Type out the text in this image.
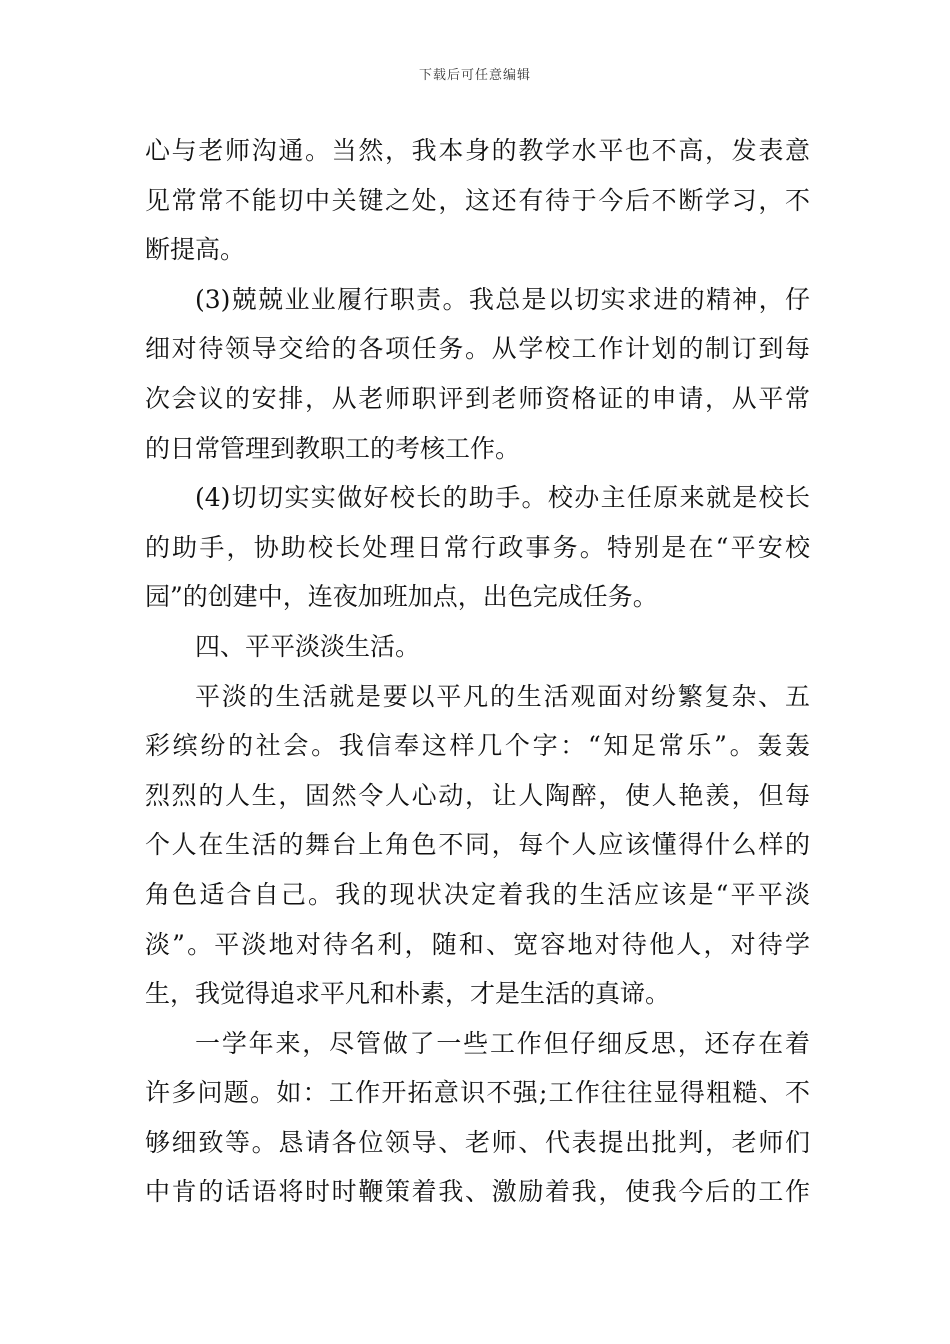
下载后可任意编辑
心与老师沟通。当然，我本身的教学水平也不高，发表意
见常常不能切中关键之处，这还有待于今后不断学习，不
断提高。
(3)兢兢业业履行职责。我总是以切实求进的精神，仔
细对待领导交给的各项任务。从学校工作计划的制订到每
次会议的安排，从老师职评到老师资格证的申请，从平常
的日常管理到教职工的考核工作。
(4)切切实实做好校长的助手。校办主任原来就是校长
的助手，协助校长处理日常行政事务。特别是在“平安校
园”的创建中，连夜加班加点，出色完成任务。
四、平平淡淡生活。
平淡的生活就是要以平凡的生活观面对纷繁复杂、五
彩缤纷的社会。我信奉这样几个字：“知足常乐”。轰轰
烈烈的人生，固然令人心动，让人陶醉，使人艳羡，但每
个人在生活的舞台上角色不同，每个人应该懂得什么样的
角色适合自己。我的现状决定着我的生活应该是“平平淡
淡”。平淡地对待名利，随和、宽容地对待他人，对待学
生，我觉得追求平凡和朴素，才是生活的真谛。
一学年来，尽管做了一些工作但仔细反思，还存在着
许多问题。如：工作开拓意识不强;工作往往显得粗糙、不
够细致等。恳请各位领导、老师、代表提出批判，老师们
中肯的话语将时时鞭策着我、激励着我，使我今后的工作
